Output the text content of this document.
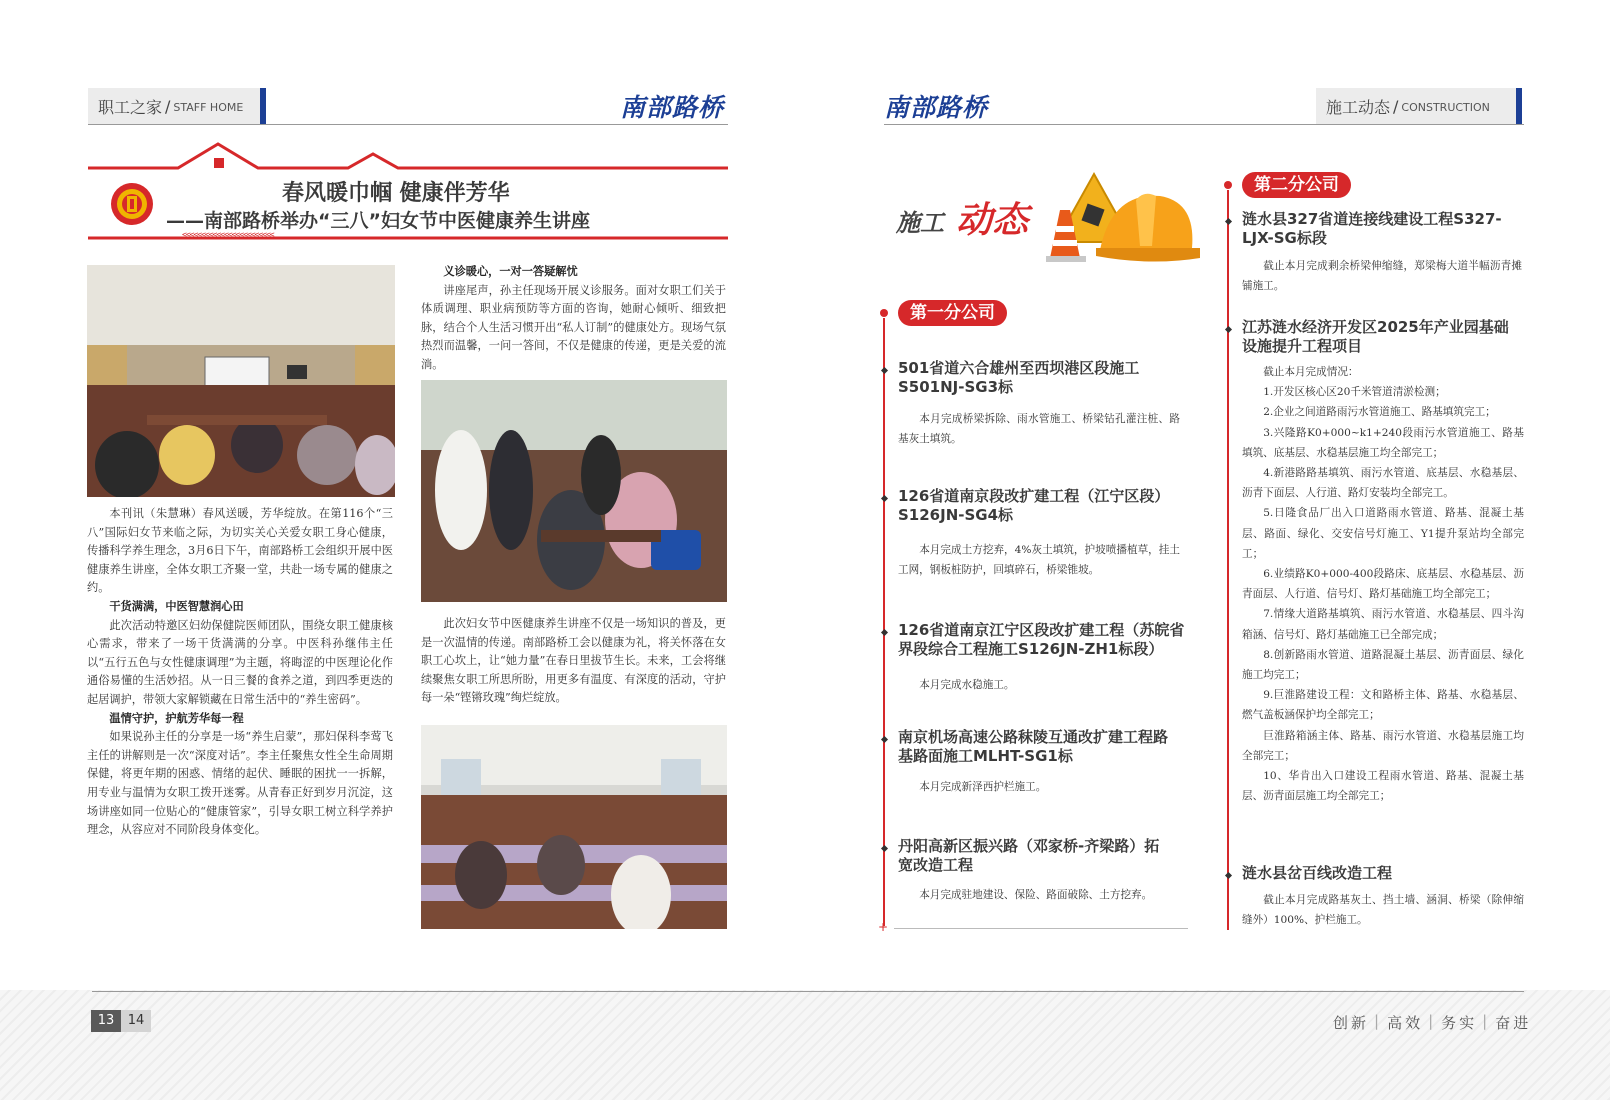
职工之家 / STAFF HOME	南部路桥
春风暖巾帼 健康伴芳华
——南部路桥举办“三八”妇女节中医健康养生讲座
<<<<<<<<<<<<<<<<<<<<<<<<

本刊讯（朱慧琳）春风送暖，芳华绽放。在第116个“三八”国际妇女节来临之际，为切实关心关爱女职工身心健康，传播科学养生理念，3月6日下午，南部路桥工会组织开展中医健康养生讲座，全体女职工齐聚一堂，共赴一场专属的健康之约。

干货满满，中医智慧润心田

此次活动特邀区妇幼保健院医师团队，围绕女职工健康核心需求，带来了一场干货满满的分享。中医科孙继伟主任以“五行五色与女性健康调理”为主题，将晦涩的中医理论化作通俗易懂的生活妙招。从一日三餐的食养之道，到四季更迭的起居调护，带领大家解锁藏在日常生活中的“养生密码”。

温情守护，护航芳华每一程

如果说孙主任的分享是一场“养生启蒙”，那妇保科李莺飞主任的讲解则是一次“深度对话”。李主任聚焦女性全生命周期保健，将更年期的困惑、情绪的起伏、睡眠的困扰一一拆解，用专业与温情为女职工拨开迷雾。从青春正好到岁月沉淀，这场讲座如同一位贴心的“健康管家”，引导女职工树立科学养护理念，从容应对不同阶段身体变化。

义诊暖心，一对一答疑解忧

讲座尾声，孙主任现场开展义诊服务。面对女职工们关于体质调理、职业病预防等方面的咨询，她耐心倾听、细致把脉，结合个人生活习惯开出“私人订制”的健康处方。现场气氛热烈而温馨，一问一答间，不仅是健康的传递，更是关爱的流淌。

此次妇女节中医健康养生讲座不仅是一场知识的普及，更是一次温情的传递。南部路桥工会以健康为礼，将关怀落在女职工心坎上，让“她力量”在春日里拔节生长。未来，工会将继续聚焦女职工所思所盼，用更多有温度、有深度的活动，守护每一朵“铿锵玫瑰”绚烂绽放。

南部路桥	施工动态 / CONSTRUCTION
施工 动态
+
第一分公司
501省道六合雄州至西坝港区段施工S501NJ-SG3标
本月完成桥梁拆除、雨水管施工、桥梁钻孔灌注桩、路基灰土填筑。
126省道南京段改扩建工程（江宁区段）S126JN-SG4标
本月完成土方挖弃，4%灰土填筑，护坡喷播植草，挂土工网，钢板桩防护，回填碎石，桥梁锥坡。
126省道南京江宁区段改扩建工程（苏皖省界段综合工程施工S126JN-ZH1标段）
本月完成水稳施工。
南京机场高速公路秣陵互通改扩建工程路基路面施工MLHT-SG1标
本月完成新泽西护栏施工。
丹阳高新区振兴路（邓家桥-齐梁路）拓宽改造工程
本月完成驻地建设、保险、路面破除、土方挖弃。
第二分公司
涟水县327省道连接线建设工程S327-LJX-SG标段
截止本月完成剩余桥梁伸缩缝，郑梁梅大道半幅沥青摊铺施工。
江苏涟水经济开发区2025年产业园基础设施提升工程项目
截止本月完成情况：
1.开发区核心区20千米管道清淤检测；
2.企业之间道路雨污水管道施工、路基填筑完工；
3.兴隆路K0+000~k1+240段雨污水管道施工、路基填筑、底基层、水稳基层施工均全部完工；
4.新港路路基填筑、雨污水管道、底基层、水稳基层、沥青下面层、人行道、路灯安装均全部完工。
5.日隆食品厂出入口道路雨水管道、路基、混凝土基层、路面、绿化、交安信号灯施工、Y1提升泵站均全部完工；
6.业绩路K0+000-400段路床、底基层、水稳基层、沥青面层、人行道、信号灯、路灯基础施工均全部完工；
7.情缘大道路基填筑、雨污水管道、水稳基层、四斗沟箱涵、信号灯、路灯基础施工已全部完成；
8.创新路雨水管道、道路混凝土基层、沥青面层、绿化施工均完工；
9.巨淮路建设工程：文和路桥主体、路基、水稳基层、燃气盖板涵保护均全部完工；
巨淮路箱涵主体、路基、雨污水管道、水稳基层施工均全部完工；
10、华肯出入口建设工程雨水管道、路基、混凝土基层、沥青面层施工均全部完工；
涟水县岔百线改造工程
截止本月完成路基灰土、挡土墙、涵洞、桥梁（除伸缩缝外）100%、护栏施工。
13	14	创新 | 高效 | 务实 | 奋进
